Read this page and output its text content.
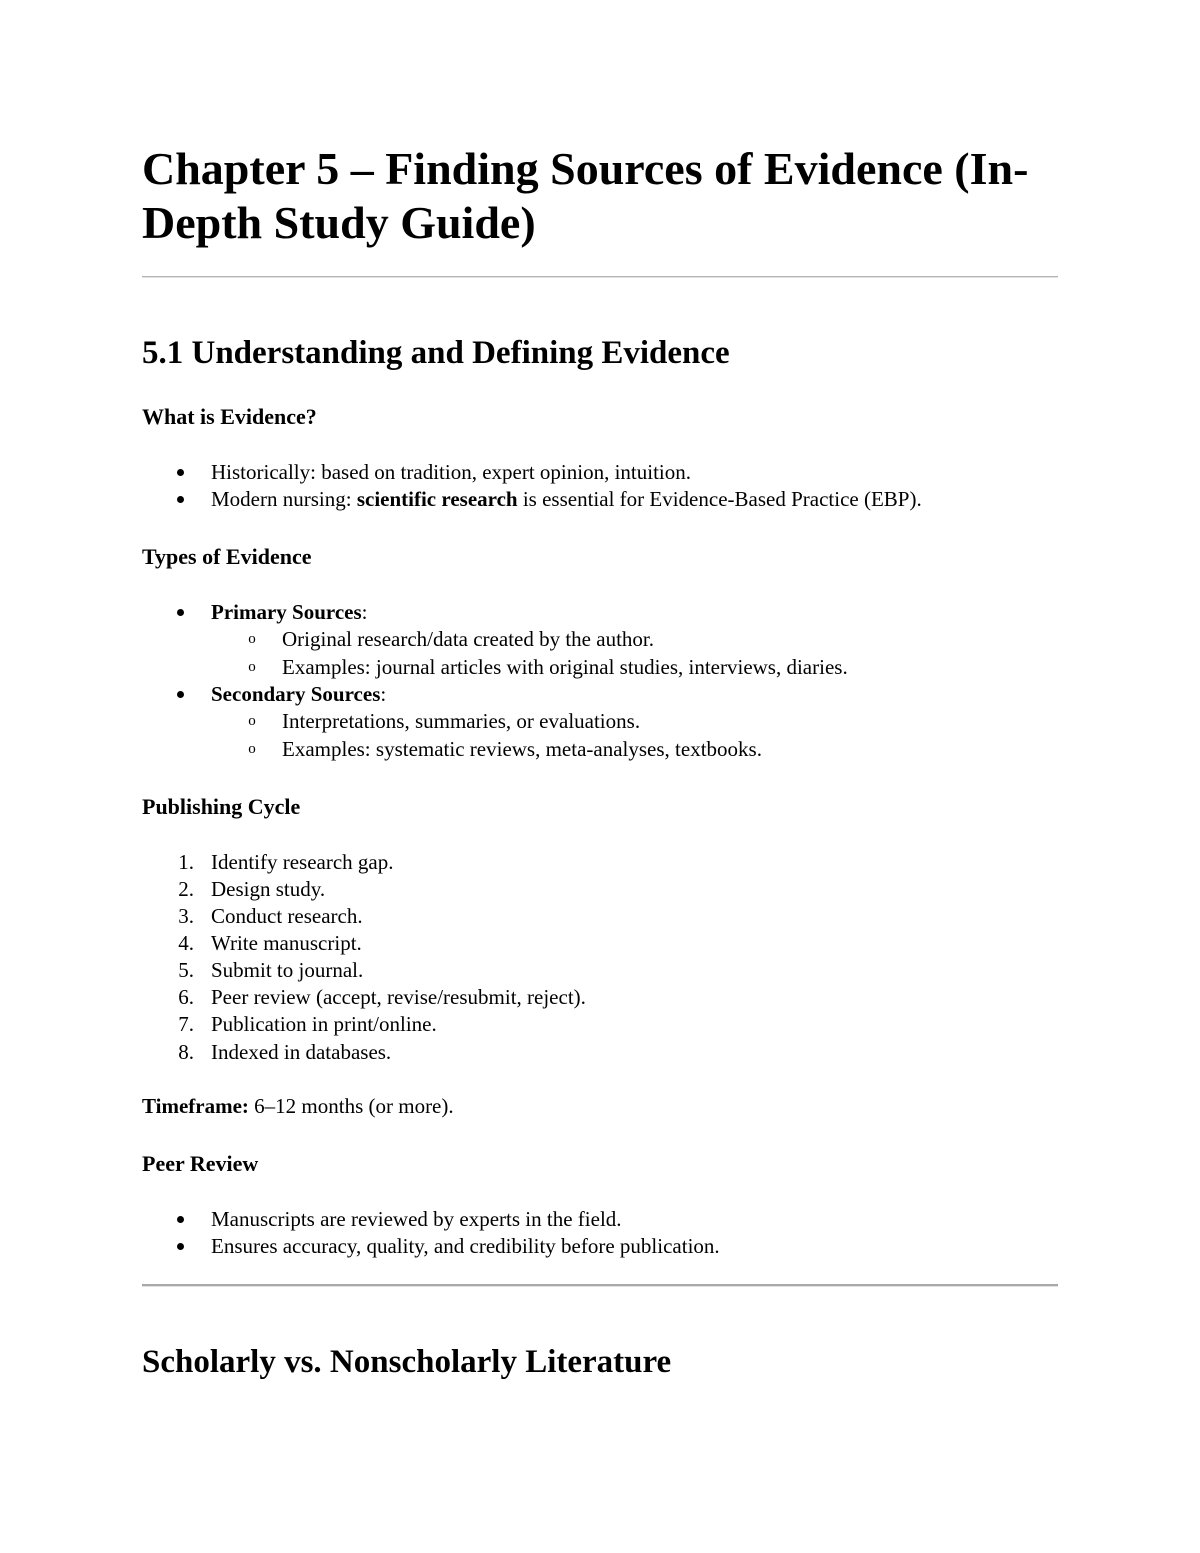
Chapter 5 – Finding Sources of Evidence (In-Depth Study Guide)
5.1 Understanding and Defining Evidence
What is Evidence?
Historically: based on tradition, expert opinion, intuition.
Modern nursing: scientific research is essential for Evidence-Based Practice (EBP).
Types of Evidence
Primary Sources:
o	Original research/data created by the author.
o	Examples: journal articles with original studies, interviews, diaries.
Secondary Sources:
o	Interpretations, summaries, or evaluations.
o	Examples: systematic reviews, meta-analyses, textbooks.
Publishing Cycle
1. Identify research gap.
2. Design study.
3. Conduct research.
4. Write manuscript.
5. Submit to journal.
6. Peer review (accept, revise/resubmit, reject).
7. Publication in print/online.
8. Indexed in databases.
Timeframe: 6–12 months (or more).
Peer Review
Manuscripts are reviewed by experts in the field.
Ensures accuracy, quality, and credibility before publication.
Scholarly vs. Nonscholarly Literature
